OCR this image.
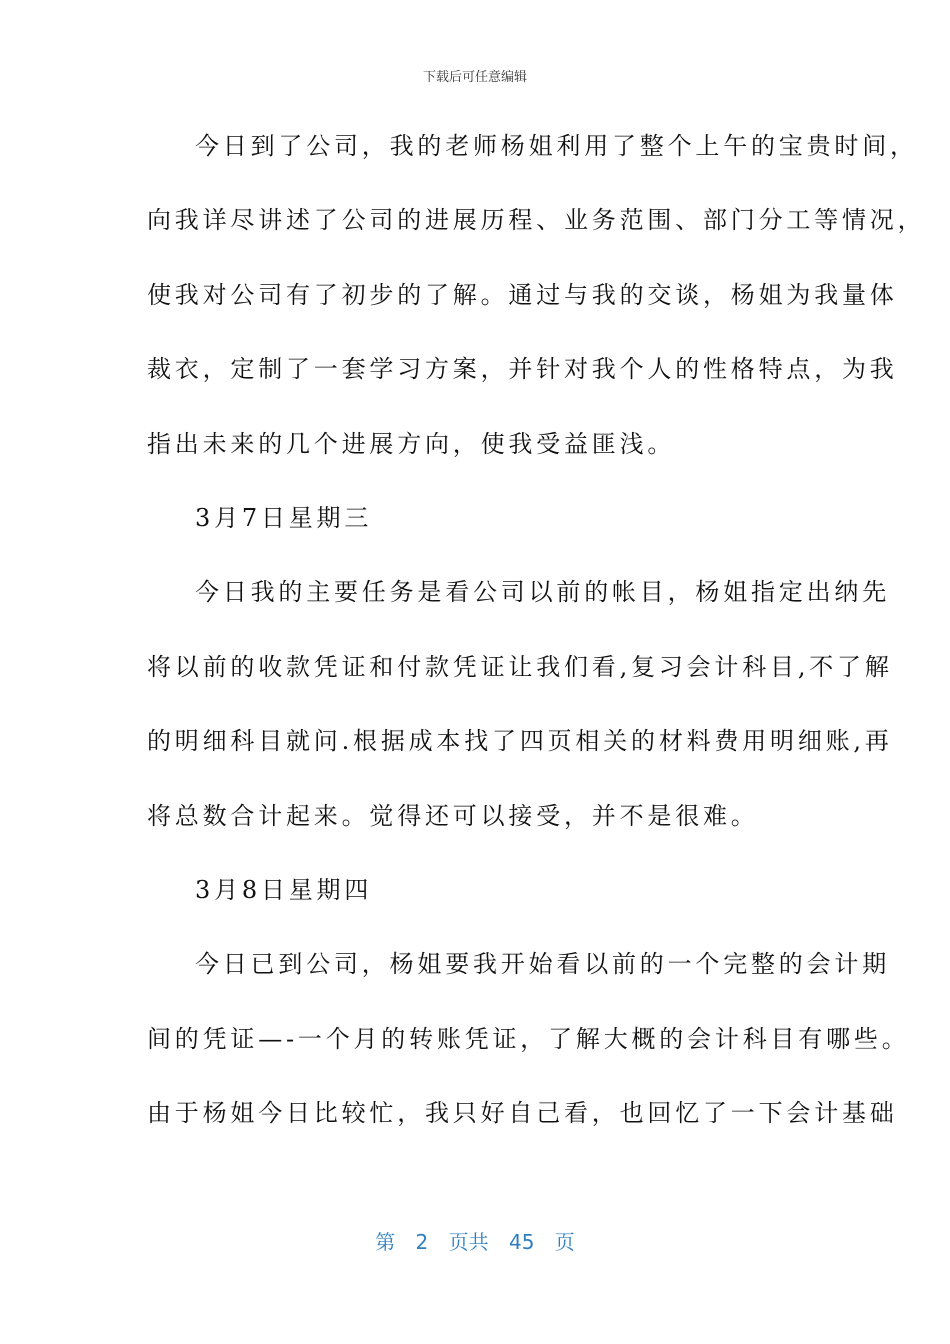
下载后可任意编辑
今日到了公司，我的老师杨姐利用了整个上午的宝贵时间，
向我详尽讲述了公司的进展历程、业务范围、部门分工等情况，
使我对公司有了初步的了解。通过与我的交谈，杨姐为我量体
裁衣，定制了一套学习方案，并针对我个人的性格特点，为我
指出未来的几个进展方向，使我受益匪浅。
3月7日星期三
今日我的主要任务是看公司以前的帐目，杨姐指定出纳先
将以前的收款凭证和付款凭证让我们看,复习会计科目,不了解
的明细科目就问.根据成本找了四页相关的材料费用明细账,再
将总数合计起来。觉得还可以接受，并不是很难。
3月8日星期四
今日已到公司，杨姐要我开始看以前的一个完整的会计期
间的凭证—-一个月的转账凭证，了解大概的会计科目有哪些。
由于杨姐今日比较忙，我只好自己看，也回忆了一下会计基础
第 2 页共 45 页
